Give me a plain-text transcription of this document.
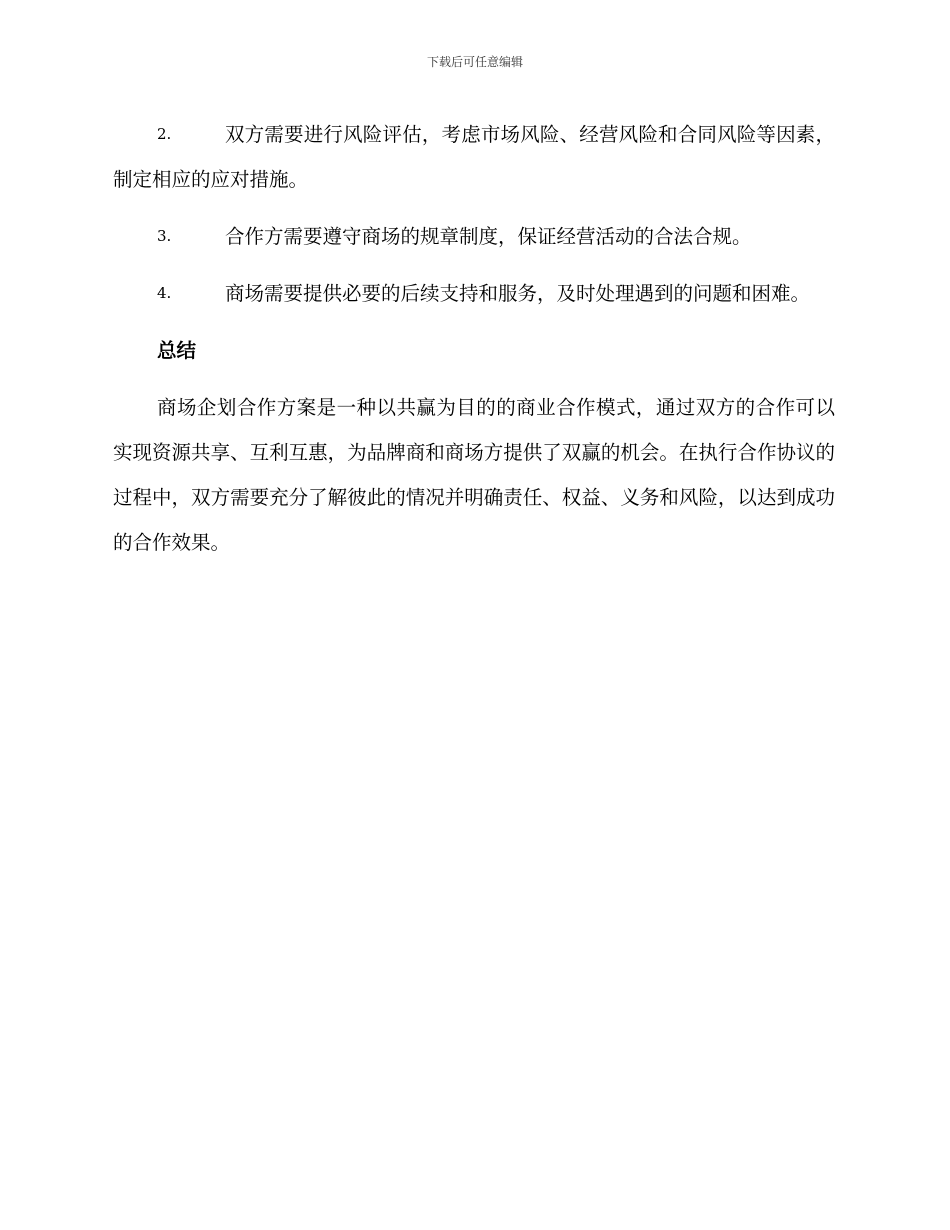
下载后可任意编辑
2.	双方需要进行风险评估，考虑市场风险、经营风险和合同风险等因素，制定相应的应对措施。
3.	合作方需要遵守商场的规章制度，保证经营活动的合法合规。
4.	商场需要提供必要的后续支持和服务，及时处理遇到的问题和困难。
总结

商场企划合作方案是一种以共赢为目的的商业合作模式，通过双方的合作可以实现资源共享、互利互惠，为品牌商和商场方提供了双赢的机会。在执行合作协议的过程中，双方需要充分了解彼此的情况并明确责任、权益、义务和风险，以达到成功的合作效果。
